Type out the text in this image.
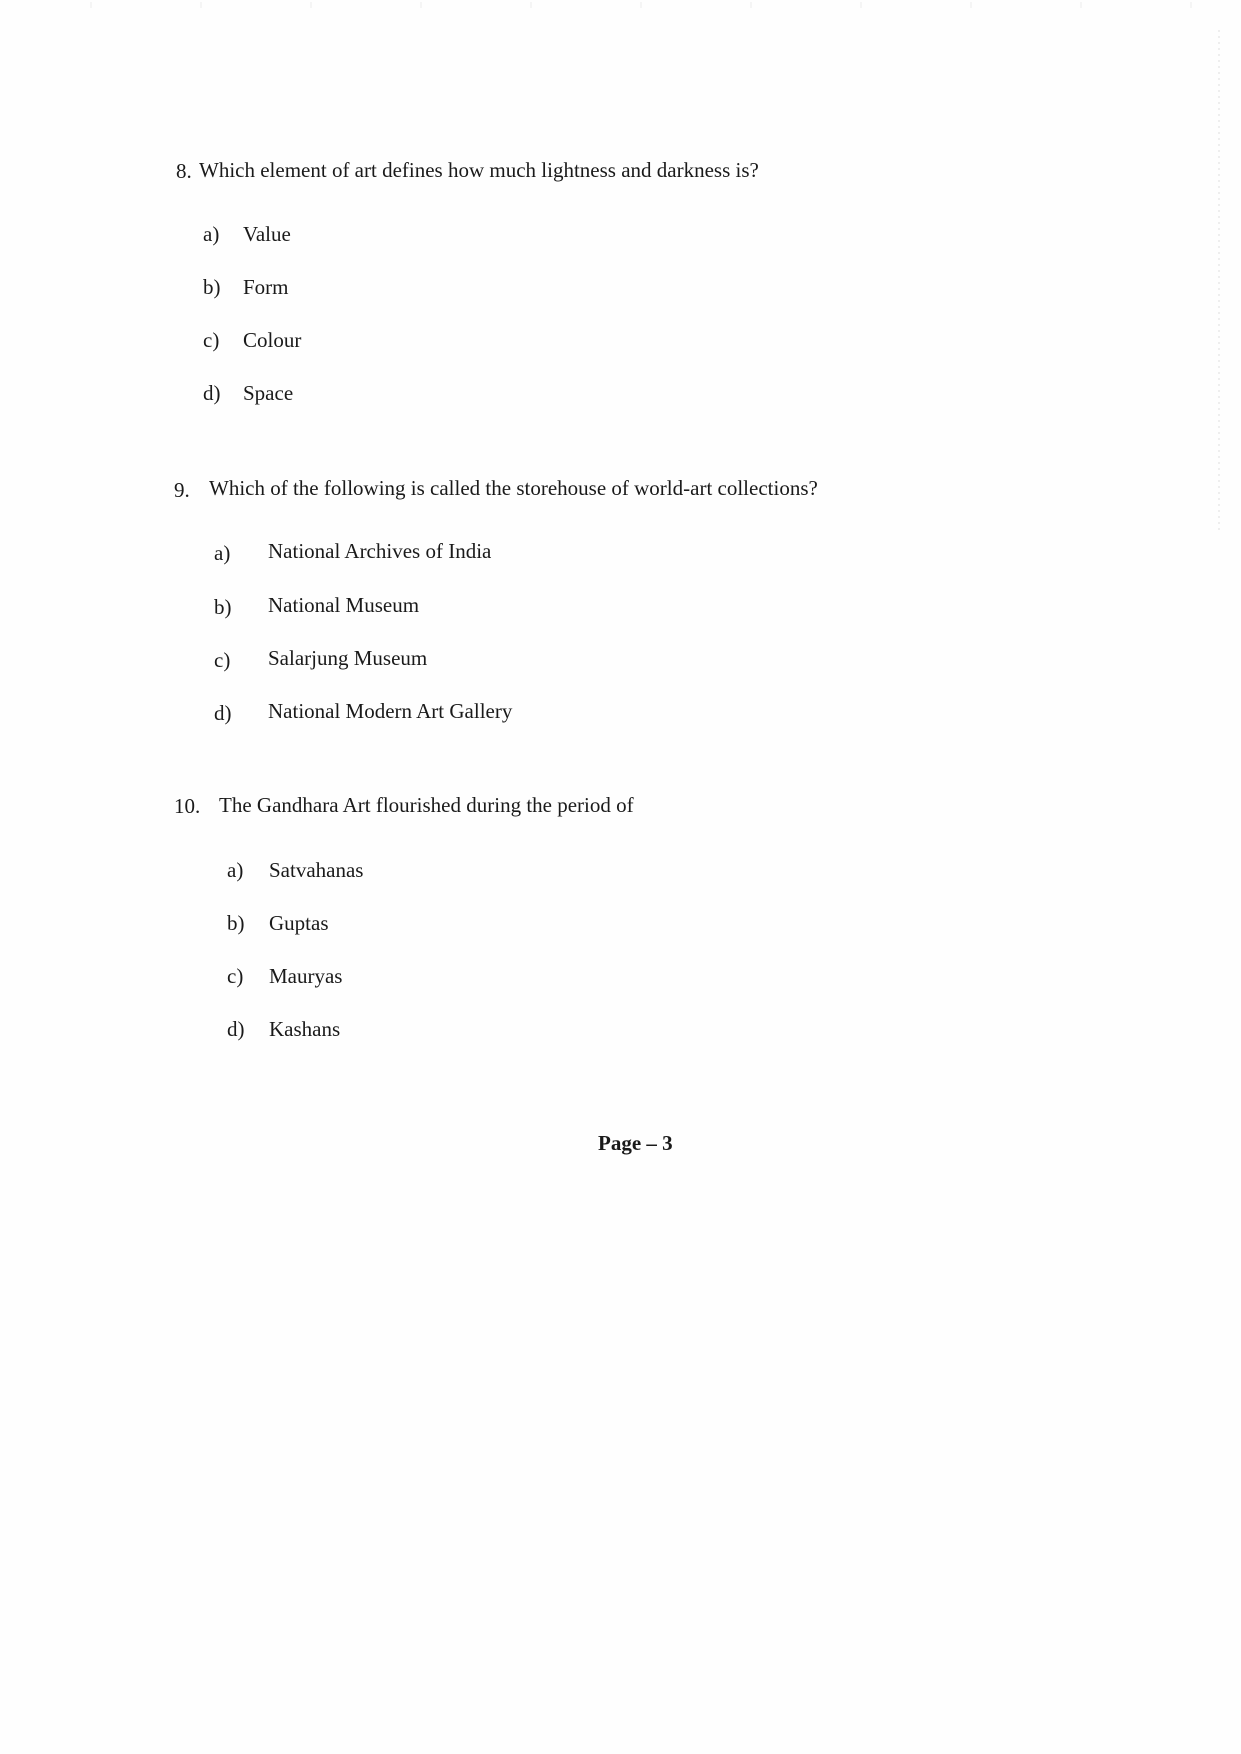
8. Which element of art defines how much lightness and darkness is?
a) Value
b) Form
c) Colour
d) Space
9. Which of the following is called the storehouse of world-art collections?
a) National Archives of India
b) National Museum
c) Salarjung Museum
d) National Modern Art Gallery
10. The Gandhara Art flourished during the period of
a) Satvahanas
b) Guptas
c) Mauryas
d) Kashans
Page – 3
